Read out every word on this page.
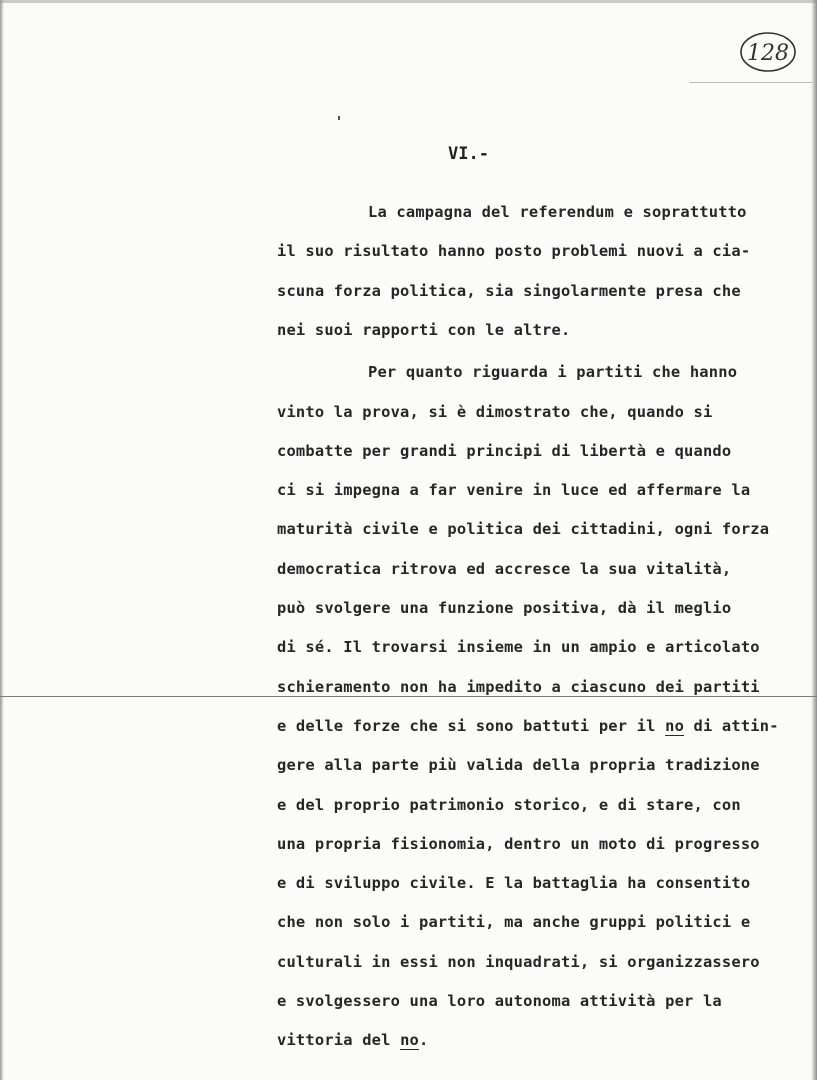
128
VI.-
La campagna del referendum e soprattutto
il suo risultato hanno posto problemi nuovi a cia-
scuna forza politica, sia singolarmente presa che
nei suoi rapporti con le altre.
Per quanto riguarda i partiti che hanno
vinto la prova, si è dimostrato che, quando si
combatte per grandi principi di libertà e quando
ci si impegna a far venire in luce ed affermare la
maturità civile e politica dei cittadini, ogni forza
democratica ritrova ed accresce la sua vitalità,
può svolgere una funzione positiva, dà il meglio
di sé. Il trovarsi insieme in un ampio e articolato
schieramento non ha impedito a ciascuno dei partiti
e delle forze che si sono battuti per il no di attin-
gere alla parte più valida della propria tradizione
e del proprio patrimonio storico, e di stare, con
una propria fisionomia, dentro un moto di progresso
e di sviluppo civile. E la battaglia ha consentito
che non solo i partiti, ma anche gruppi politici e
culturali in essi non inquadrati, si organizzassero
e svolgessero una loro autonoma attività per la
vittoria del no.
